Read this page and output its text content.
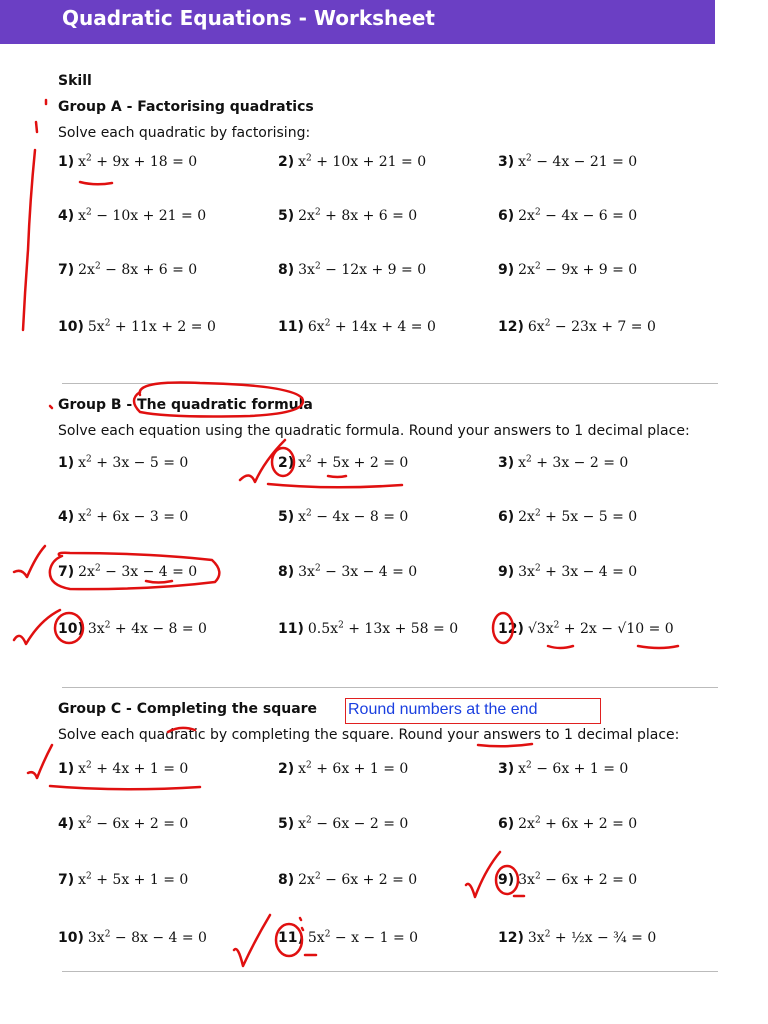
Quadratic Equations - Worksheet
Skill
Group A - Factorising quadratics
Solve each quadratic by factorising:
1) $x^2 + 9x + 18 = 0$	2) $x^2 + 10x + 21 = 0$	3) $x^2 - 4x - 21 = 0$
4) $x^2 - 10x + 21 = 0$	5) $2x^2 + 8x + 6 = 0$	6) $2x^2 - 4x - 6 = 0$
7) $2x^2 - 8x + 6 = 0$	8) $3x^2 - 12x + 9 = 0$	9) $2x^2 - 9x + 9 = 0$
10) $5x^2 + 11x + 2 = 0$	11) $6x^2 + 14x + 4 = 0$	12) $6x^2 - 23x + 7 = 0$
Group B - The quadratic formula
Solve each equation using the quadratic formula. Round your answers to 1 decimal place:
1) $x^2 + 3x - 5 = 0$	2) $x^2 + 5x + 2 = 0$	3) $x^2 + 3x - 2 = 0$
4) $x^2 + 6x - 3 = 0$	5) $x^2 - 4x - 8 = 0$	6) $2x^2 + 5x - 5 = 0$
7) $2x^2 - 3x - 4 = 0$	8) $3x^2 - 3x - 4 = 0$	9) $3x^2 + 3x - 4 = 0$
10) $3x^2 + 4x - 8 = 0$	11) $0.5x^2 + 13x + 58 = 0$	12) $√3x^2 + 2x - √10 = 0$
Group C - Completing the square Round numbers at the end
Solve each quadratic by completing the square. Round your answers to 1 decimal place:
1) $x^2 + 4x + 1 = 0$	2) $x^2 + 6x + 1 = 0$	3) $x^2 - 6x + 1 = 0$
4) $x^2 - 6x + 2 = 0$	5) $x^2 - 6x - 2 = 0$	6) $2x^2 + 6x + 2 = 0$
7) $x^2 + 5x + 1 = 0$	8) $2x^2 - 6x + 2 = 0$	9) $3x^2 - 6x + 2 = 0$
10) $3x^2 - 8x - 4 = 0$	11) $5x^2 - x - 1 = 0$	12) $3x^2$ + ½x − ¾ = 0
